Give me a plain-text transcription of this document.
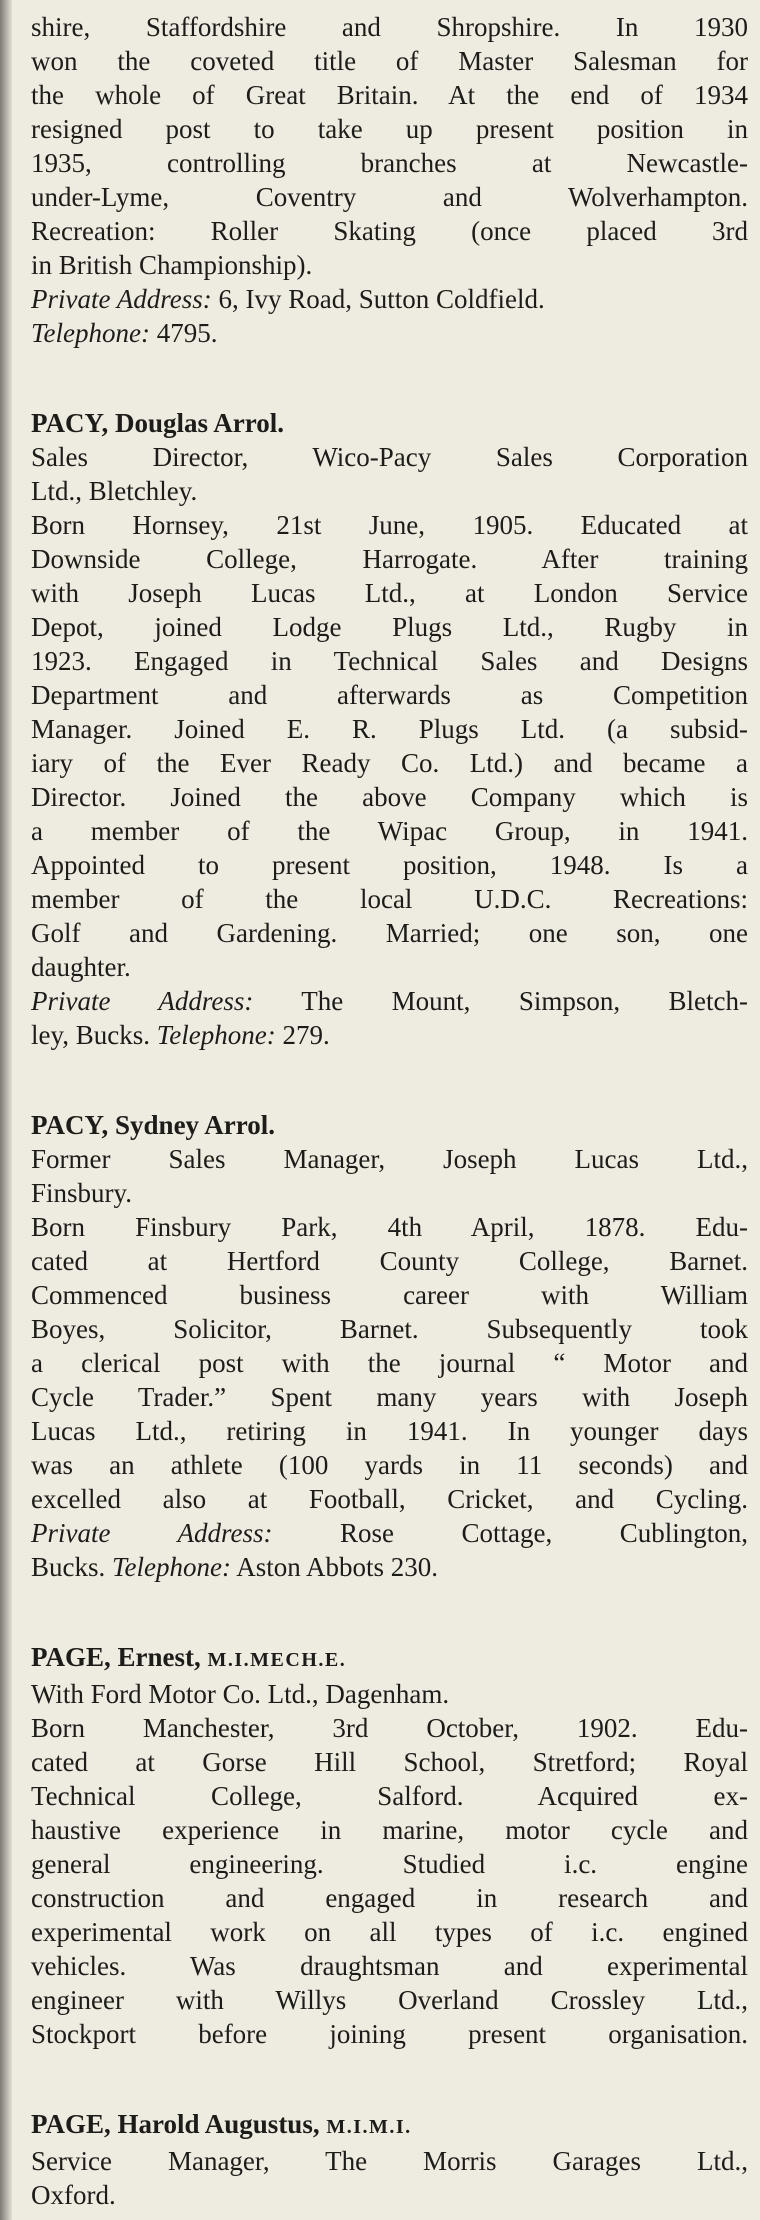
shire, Staffordshire and Shropshire. In 1930

won the coveted title of Master Salesman for

the whole of Great Britain. At the end of 1934

resigned post to take up present position in

1935, controlling branches at Newcastle-

under-Lyme, Coventry and Wolverhampton.

Recreation: Roller Skating (once placed 3rd

in British Championship).

Private Address: 6, Ivy Road, Sutton Coldfield.

Telephone: 4795.

PACY, Douglas Arrol.

Sales Director, Wico-Pacy Sales Corporation

Ltd., Bletchley.

Born Hornsey, 21st June, 1905. Educated at

Downside College, Harrogate. After training

with Joseph Lucas Ltd., at London Service

Depot, joined Lodge Plugs Ltd., Rugby in

1923. Engaged in Technical Sales and Designs

Department and afterwards as Competition

Manager. Joined E. R. Plugs Ltd. (a subsid-

iary of the Ever Ready Co. Ltd.) and became a

Director. Joined the above Company which is

a member of the Wipac Group, in 1941.

Appointed to present position, 1948. Is a

member of the local U.D.C. Recreations:

Golf and Gardening. Married; one son, one

daughter.

Private Address: The Mount, Simpson, Bletch-

ley, Bucks. Telephone: 279.

PACY, Sydney Arrol.

Former Sales Manager, Joseph Lucas Ltd.,

Finsbury.

Born Finsbury Park, 4th April, 1878. Edu-

cated at Hertford County College, Barnet.

Commenced business career with William

Boyes, Solicitor, Barnet. Subsequently took

a clerical post with the journal “ Motor and

Cycle Trader.” Spent many years with Joseph

Lucas Ltd., retiring in 1941. In younger days

was an athlete (100 yards in 11 seconds) and

excelled also at Football, Cricket, and Cycling.

Private Address:	Rose Cottage, Cublington,

Bucks. Telephone: Aston Abbots 230.

PAGE, Ernest, M.I.MECH.E.

With Ford Motor Co. Ltd., Dagenham.

Born Manchester, 3rd October, 1902. Edu-

cated at Gorse Hill School, Stretford; Royal

Technical College, Salford. Acquired ex-

haustive experience in marine, motor cycle and

general engineering. Studied i.c. engine

construction and engaged in research and

experimental work on all types of i.c. engined

vehicles. Was draughtsman and experimental

engineer with Willys Overland Crossley Ltd.,

Stockport before joining present organisation.

PAGE, Harold Augustus, M.I.M.I.

Service Manager, The Morris Garages Ltd.,

Oxford.
